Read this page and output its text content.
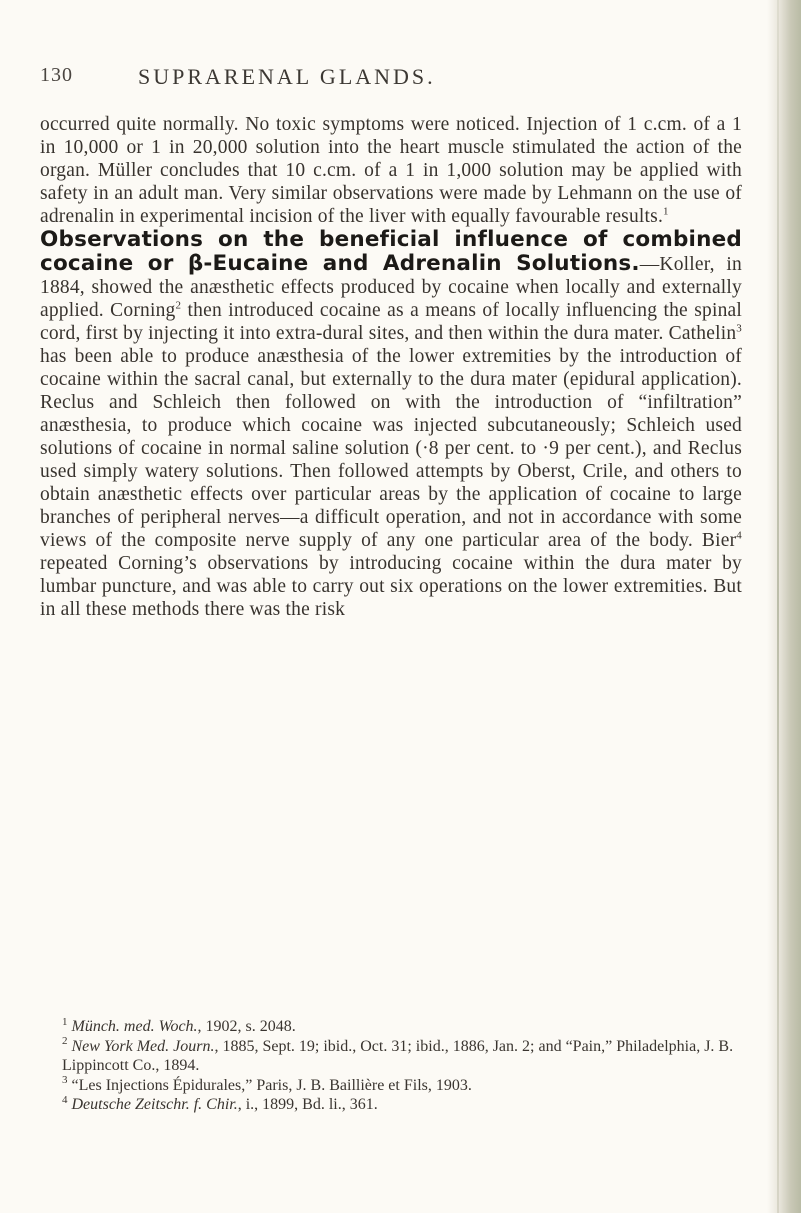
130	SUPRARENAL GLANDS.

occurred quite normally. No toxic symptoms were noticed. Injection of 1 c.cm. of a 1 in 10,000 or 1 in 20,000 solution into the heart muscle stimulated the action of the organ. Müller concludes that 10 c.cm. of a 1 in 1,000 solution may be applied with safety in an adult man. Very similar observations were made by Lehmann on the use of adrenalin in experimental incision of the liver with equally favourable results.$^1$

Observations on the beneficial influence of combined cocaine or β-Eucaine and Adrenalin Solutions.—Koller, in 1884, showed the anæsthetic effects produced by cocaine when locally and externally applied. Corning$^2$ then introduced cocaine as a means of locally influencing the spinal cord, first by injecting it into extra-dural sites, and then within the dura mater. Cathelin$^3$ has been able to produce anæsthesia of the lower extremities by the introduction of cocaine within the sacral canal, but externally to the dura mater (epidural application). Reclus and Schleich then followed on with the introduction of “infiltration” anæsthesia, to produce which cocaine was injected subcutaneously; Schleich used solutions of cocaine in normal saline solution (·8 per cent. to ·9 per cent.), and Reclus used simply watery solutions. Then followed attempts by Oberst, Crile, and others to obtain anæsthetic effects over particular areas by the application of cocaine to large branches of peripheral nerves—a difficult operation, and not in accordance with some views of the composite nerve supply of any one particular area of the body. Bier$^4$ repeated Corning’s observations by introducing cocaine within the dura mater by lumbar puncture, and was able to carry out six operations on the lower extremities. But in all these methods there was the risk

$^1$ Münch. med. Woch., 1902, s. 2048.

$^2$ New York Med. Journ., 1885, Sept. 19; ibid., Oct. 31; ibid., 1886, Jan. 2; and “Pain,” Philadelphia, J. B. Lippincott Co., 1894.

$^3$ “Les Injections Épidurales,” Paris, J. B. Baillière et Fils, 1903.

$^4$ Deutsche Zeitschr. f. Chir., i., 1899, Bd. li., 361.
